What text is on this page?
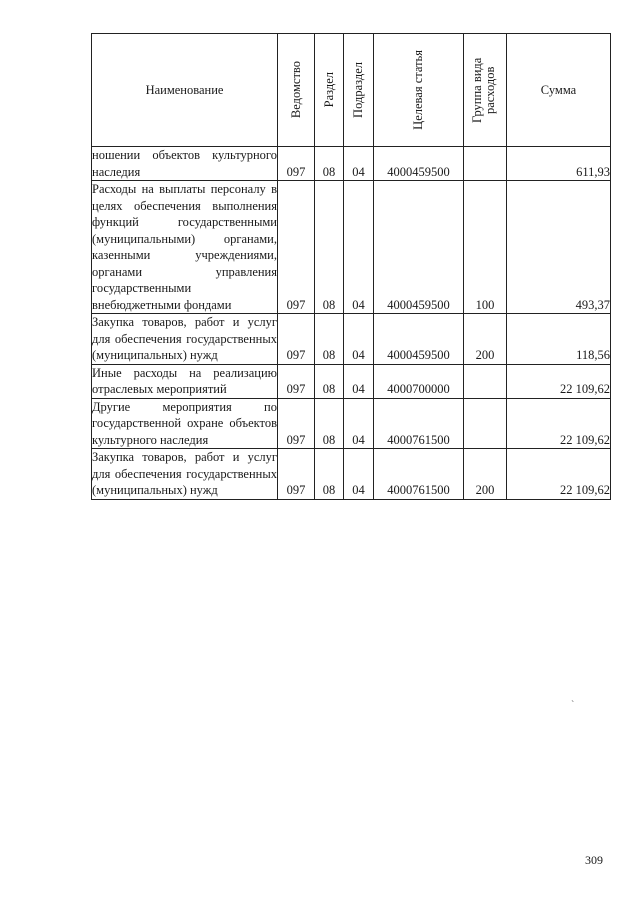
Наименование	Ведомство	Раздел	Подраздел	Целевая статья	Группа вида расходов	Сумма
ношении объектов культурного наследия	097	08	04	4000459500		611,93
Расходы на выплаты персоналу в целях обеспечения выполнения функций государственными (муниципальными) органами, казенными учреждениями, органами управления государственными внебюджетными фондами	097	08	04	4000459500	100	493,37
Закупка товаров, работ и услуг для обеспечения государственных (муниципальных) нужд	097	08	04	4000459500	200	118,56
Иные расходы на реализацию отраслевых мероприятий	097	08	04	4000700000		22 109,62
Другие мероприятия по государственной охране объектов культурного наследия	097	08	04	4000761500		22 109,62
Закупка товаров, работ и услуг для обеспечения государственных (муниципальных) нужд	097	08	04	4000761500	200	22 109,62
`
309
